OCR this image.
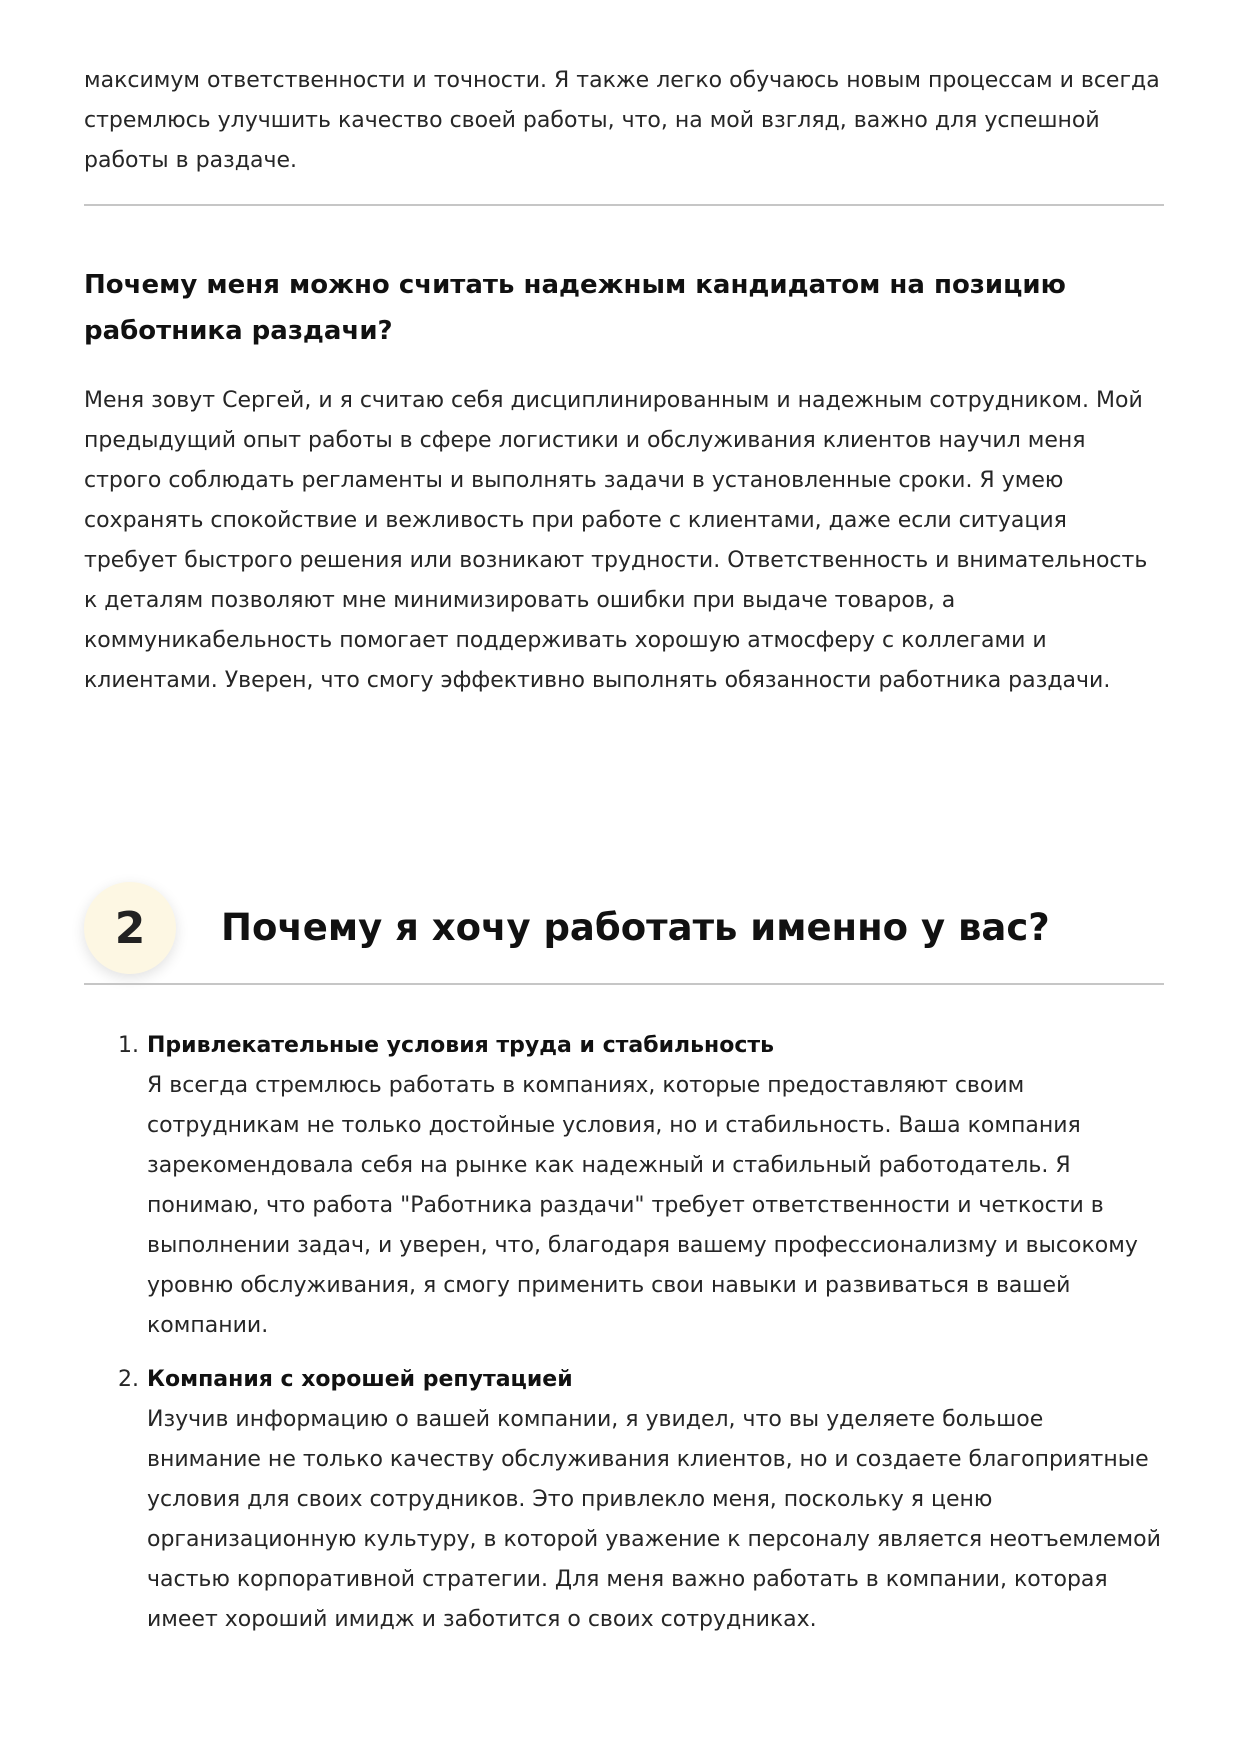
максимум ответственности и точности. Я также легко обучаюсь новым процессам и всегда стремлюсь улучшить качество своей работы, что, на мой взгляд, важно для успешной работы в раздаче.

Почему меня можно считать надежным кандидатом на позицию работника раздачи?

Меня зовут Сергей, и я считаю себя дисциплинированным и надежным сотрудником. Мой предыдущий опыт работы в сфере логистики и обслуживания клиентов научил меня строго соблюдать регламенты и выполнять задачи в установленные сроки. Я умею сохранять спокойствие и вежливость при работе с клиентами, даже если ситуация требует быстрого решения или возникают трудности. Ответственность и внимательность к деталям позволяют мне минимизировать ошибки при выдаче товаров, а коммуникабельность помогает поддерживать хорошую атмосферу с коллегами и клиентами. Уверен, что смогу эффективно выполнять обязанности работника раздачи.

2	Почему я хочу работать именно у вас?
1. Привлекательные условия труда и стабильность

Я всегда стремлюсь работать в компаниях, которые предоставляют своим сотрудникам не только достойные условия, но и стабильность. Ваша компания зарекомендовала себя на рынке как надежный и стабильный работодатель. Я понимаю, что работа "Работника раздачи" требует ответственности и четкости в выполнении задач, и уверен, что, благодаря вашему профессионализму и высокому уровню обслуживания, я смогу применить свои навыки и развиваться в вашей компании.

2. Компания с хорошей репутацией

Изучив информацию о вашей компании, я увидел, что вы уделяете большое внимание не только качеству обслуживания клиентов, но и создаете благоприятные условия для своих сотрудников. Это привлекло меня, поскольку я ценю организационную культуру, в которой уважение к персоналу является неотъемлемой частью корпоративной стратегии. Для меня важно работать в компании, которая имеет хороший имидж и заботится о своих сотрудниках.
